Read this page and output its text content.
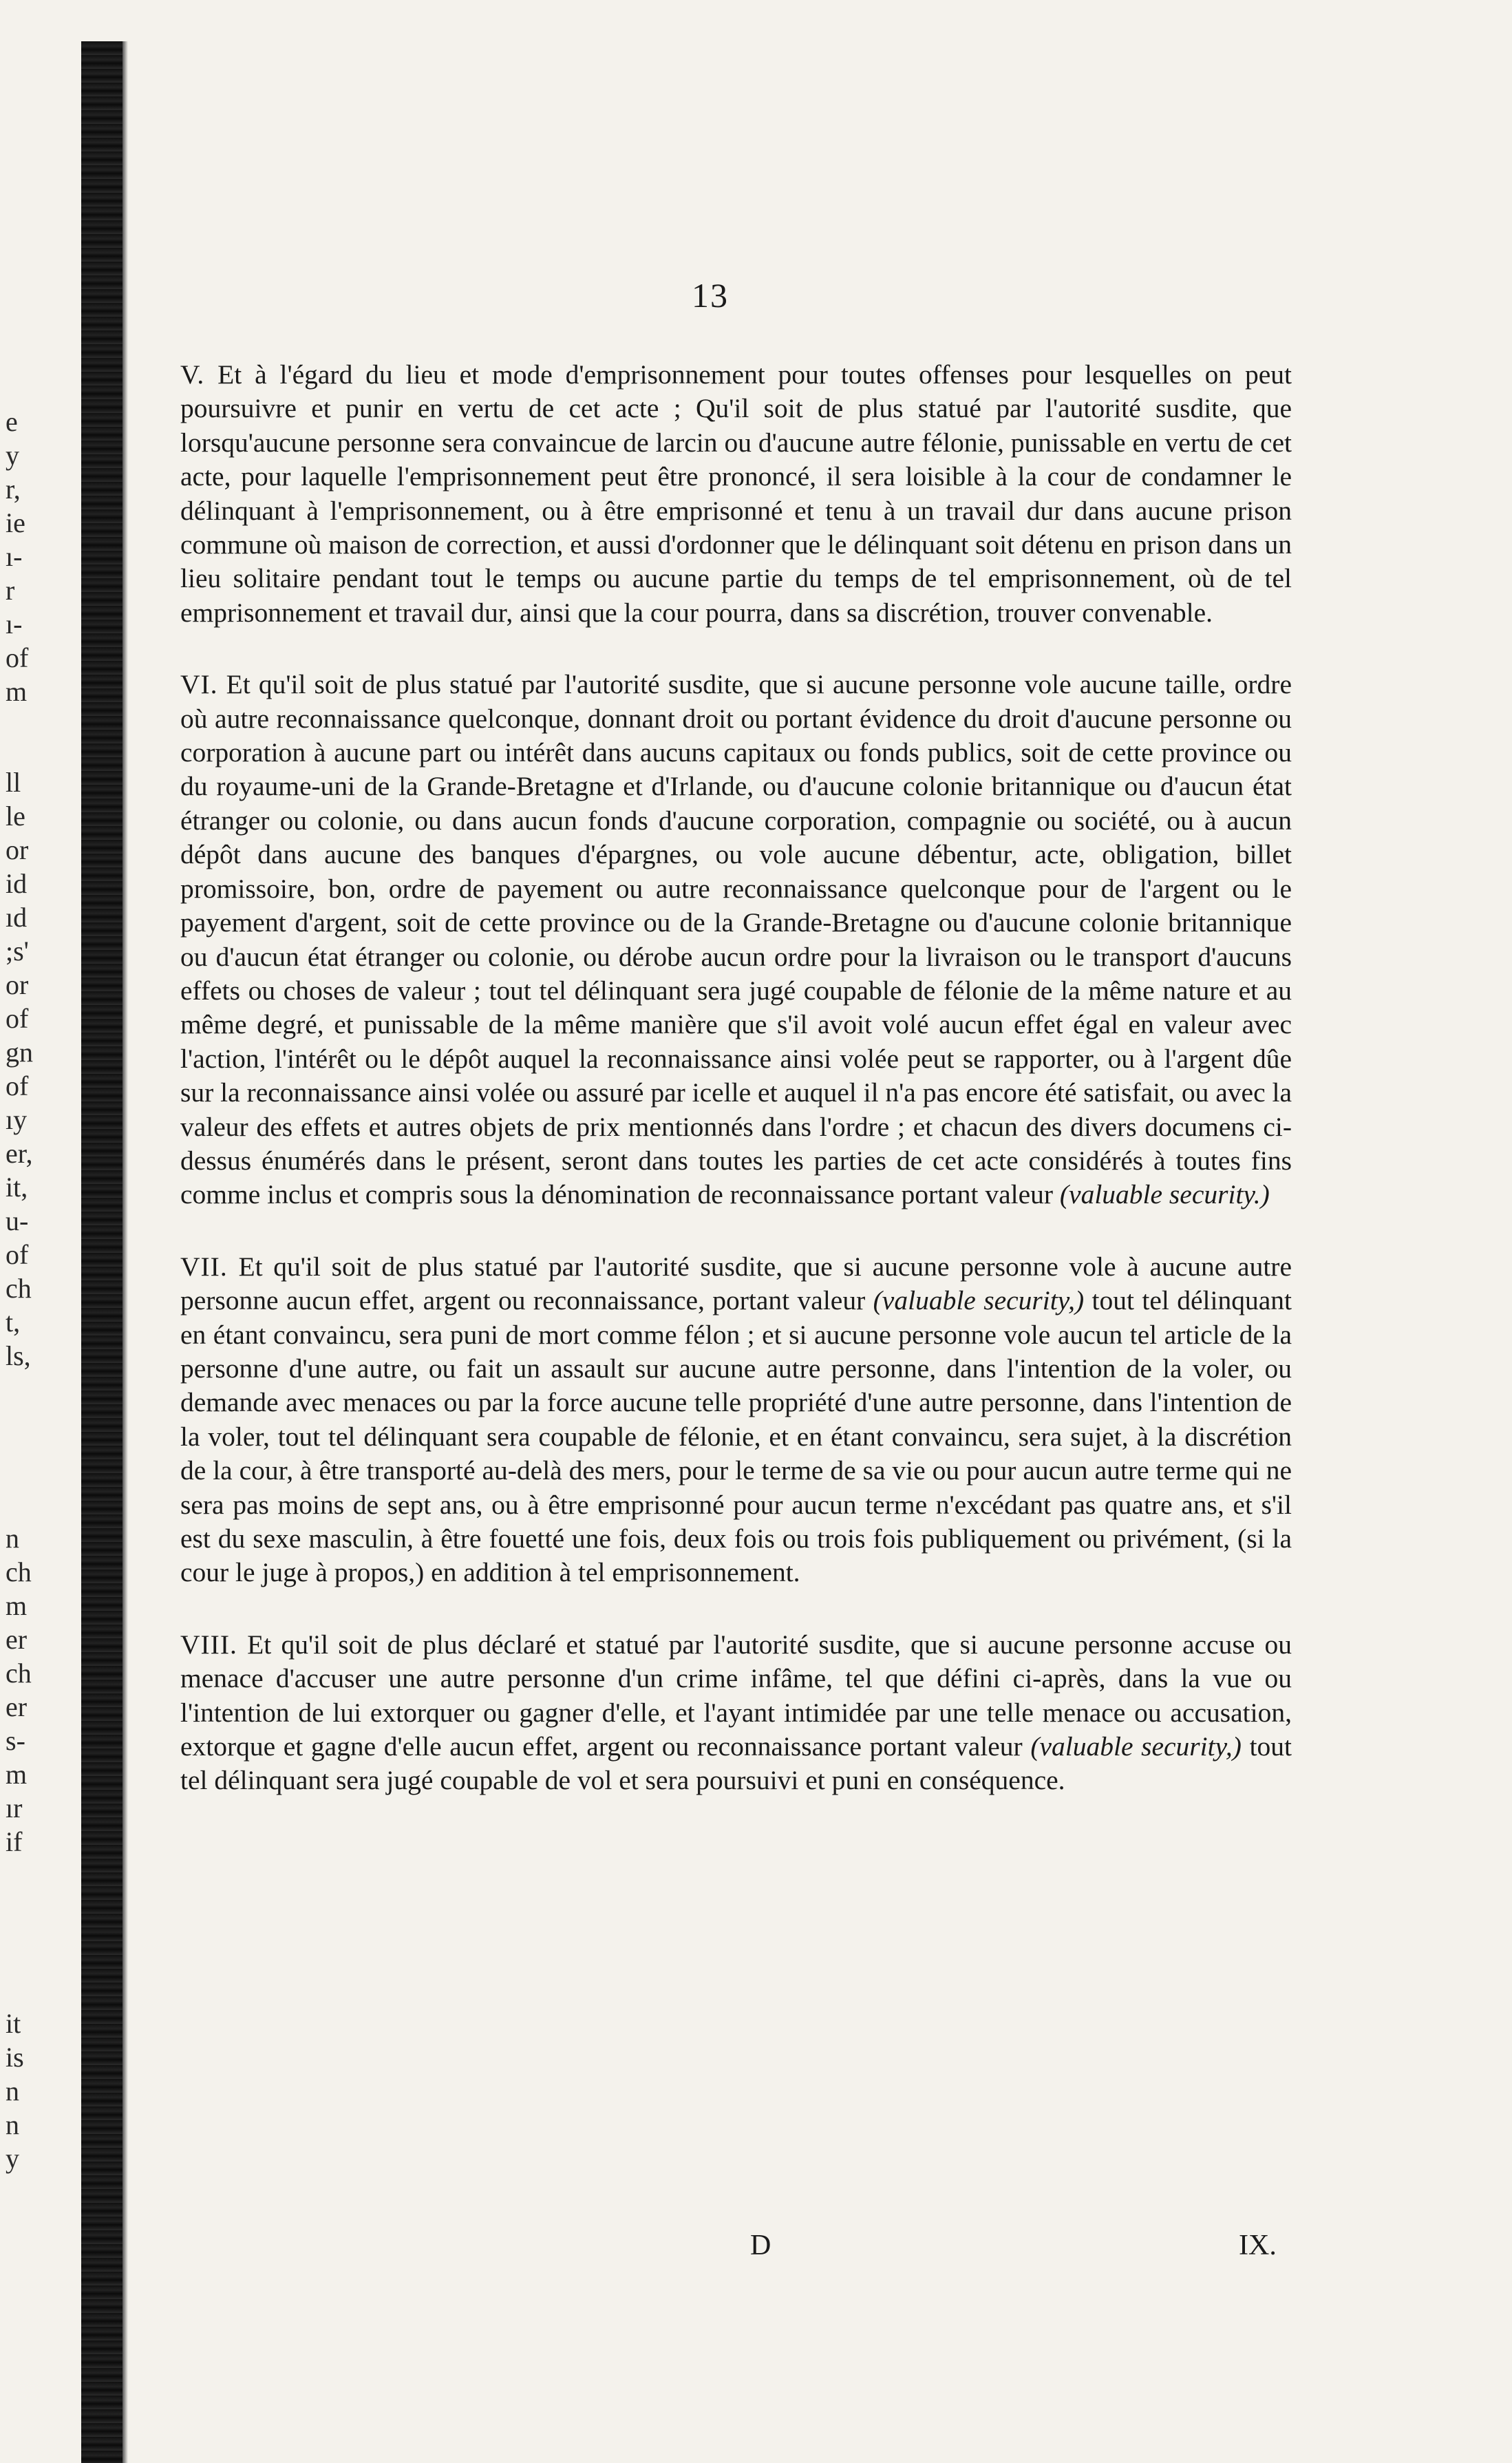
e
y
r,
ie
ı-
r
ı-
of
m
ll
le
or
id
ıd
;s'
or
of
gn
of
ıy
er,
it,
u-
of
ch
t,
ls,
n
ch
m
er
ch
er
s-
m
ır
if
it
is
n
n
y
13

V. Et à l'égard du lieu et mode d'emprisonnement pour toutes offenses pour lesquelles on peut poursuivre et punir en vertu de cet acte ; Qu'il soit de plus statué par l'autorité susdite, que lorsqu'aucune personne sera convaincue de larcin ou d'aucune autre félonie, punissable en vertu de cet acte, pour laquelle l'emprisonnement peut être prononcé, il sera loisible à la cour de condamner le délinquant à l'emprisonnement, ou à être emprisonné et tenu à un travail dur dans aucune prison commune où maison de correction, et aussi d'ordonner que le délinquant soit détenu en prison dans un lieu solitaire pendant tout le temps ou aucune partie du temps de tel emprisonnement, où de tel emprisonnement et travail dur, ainsi que la cour pourra, dans sa discrétion, trouver convenable.

VI. Et qu'il soit de plus statué par l'autorité susdite, que si aucune personne vole aucune taille, ordre où autre reconnaissance quelconque, donnant droit ou portant évidence du droit d'aucune personne ou corporation à aucune part ou intérêt dans aucuns capitaux ou fonds publics, soit de cette province ou du royaume-uni de la Grande-Bretagne et d'Irlande, ou d'aucune colonie britannique ou d'aucun état étranger ou colonie, ou dans aucun fonds d'aucune corporation, compagnie ou société, ou à aucun dépôt dans aucune des banques d'épargnes, ou vole aucune débentur, acte, obligation, billet promissoire, bon, ordre de payement ou autre reconnaissance quelconque pour de l'argent ou le payement d'argent, soit de cette province ou de la Grande-Bretagne ou d'aucune colonie britannique ou d'aucun état étranger ou colonie, ou dérobe aucun ordre pour la livraison ou le transport d'aucuns effets ou choses de valeur ; tout tel délinquant sera jugé coupable de félonie de la même nature et au même degré, et punissable de la même manière que s'il avoit volé aucun effet égal en valeur avec l'action, l'intérêt ou le dépôt auquel la reconnaissance ainsi volée peut se rapporter, ou à l'argent dûe sur la reconnaissance ainsi volée ou assuré par icelle et auquel il n'a pas encore été satisfait, ou avec la valeur des effets et autres objets de prix mentionnés dans l'ordre ; et chacun des divers documens ci-dessus énumérés dans le présent, seront dans toutes les parties de cet acte considérés à toutes fins comme inclus et compris sous la dénomination de reconnaissance portant valeur (valuable security.)

VII. Et qu'il soit de plus statué par l'autorité susdite, que si aucune personne vole à aucune autre personne aucun effet, argent ou reconnaissance, portant valeur (valuable security,) tout tel délinquant en étant convaincu, sera puni de mort comme félon ; et si aucune personne vole aucun tel article de la personne d'une autre, ou fait un assault sur aucune autre personne, dans l'intention de la voler, ou demande avec menaces ou par la force aucune telle propriété d'une autre personne, dans l'intention de la voler, tout tel délinquant sera coupable de félonie, et en étant convaincu, sera sujet, à la discrétion de la cour, à être transporté au-delà des mers, pour le terme de sa vie ou pour aucun autre terme qui ne sera pas moins de sept ans, ou à être emprisonné pour aucun terme n'excédant pas quatre ans, et s'il est du sexe masculin, à être fouetté une fois, deux fois ou trois fois publiquement ou privément, (si la cour le juge à propos,) en addition à tel emprisonnement.

VIII. Et qu'il soit de plus déclaré et statué par l'autorité susdite, que si aucune personne accuse ou menace d'accuser une autre personne d'un crime infâme, tel que défini ci-après, dans la vue ou l'intention de lui extorquer ou gagner d'elle, et l'ayant intimidée par une telle menace ou accusation, extorque et gagne d'elle aucun effet, argent ou reconnaissance portant valeur (valuable security,) tout tel délinquant sera jugé coupable de vol et sera poursuivi et puni en conséquence.

D	IX.
